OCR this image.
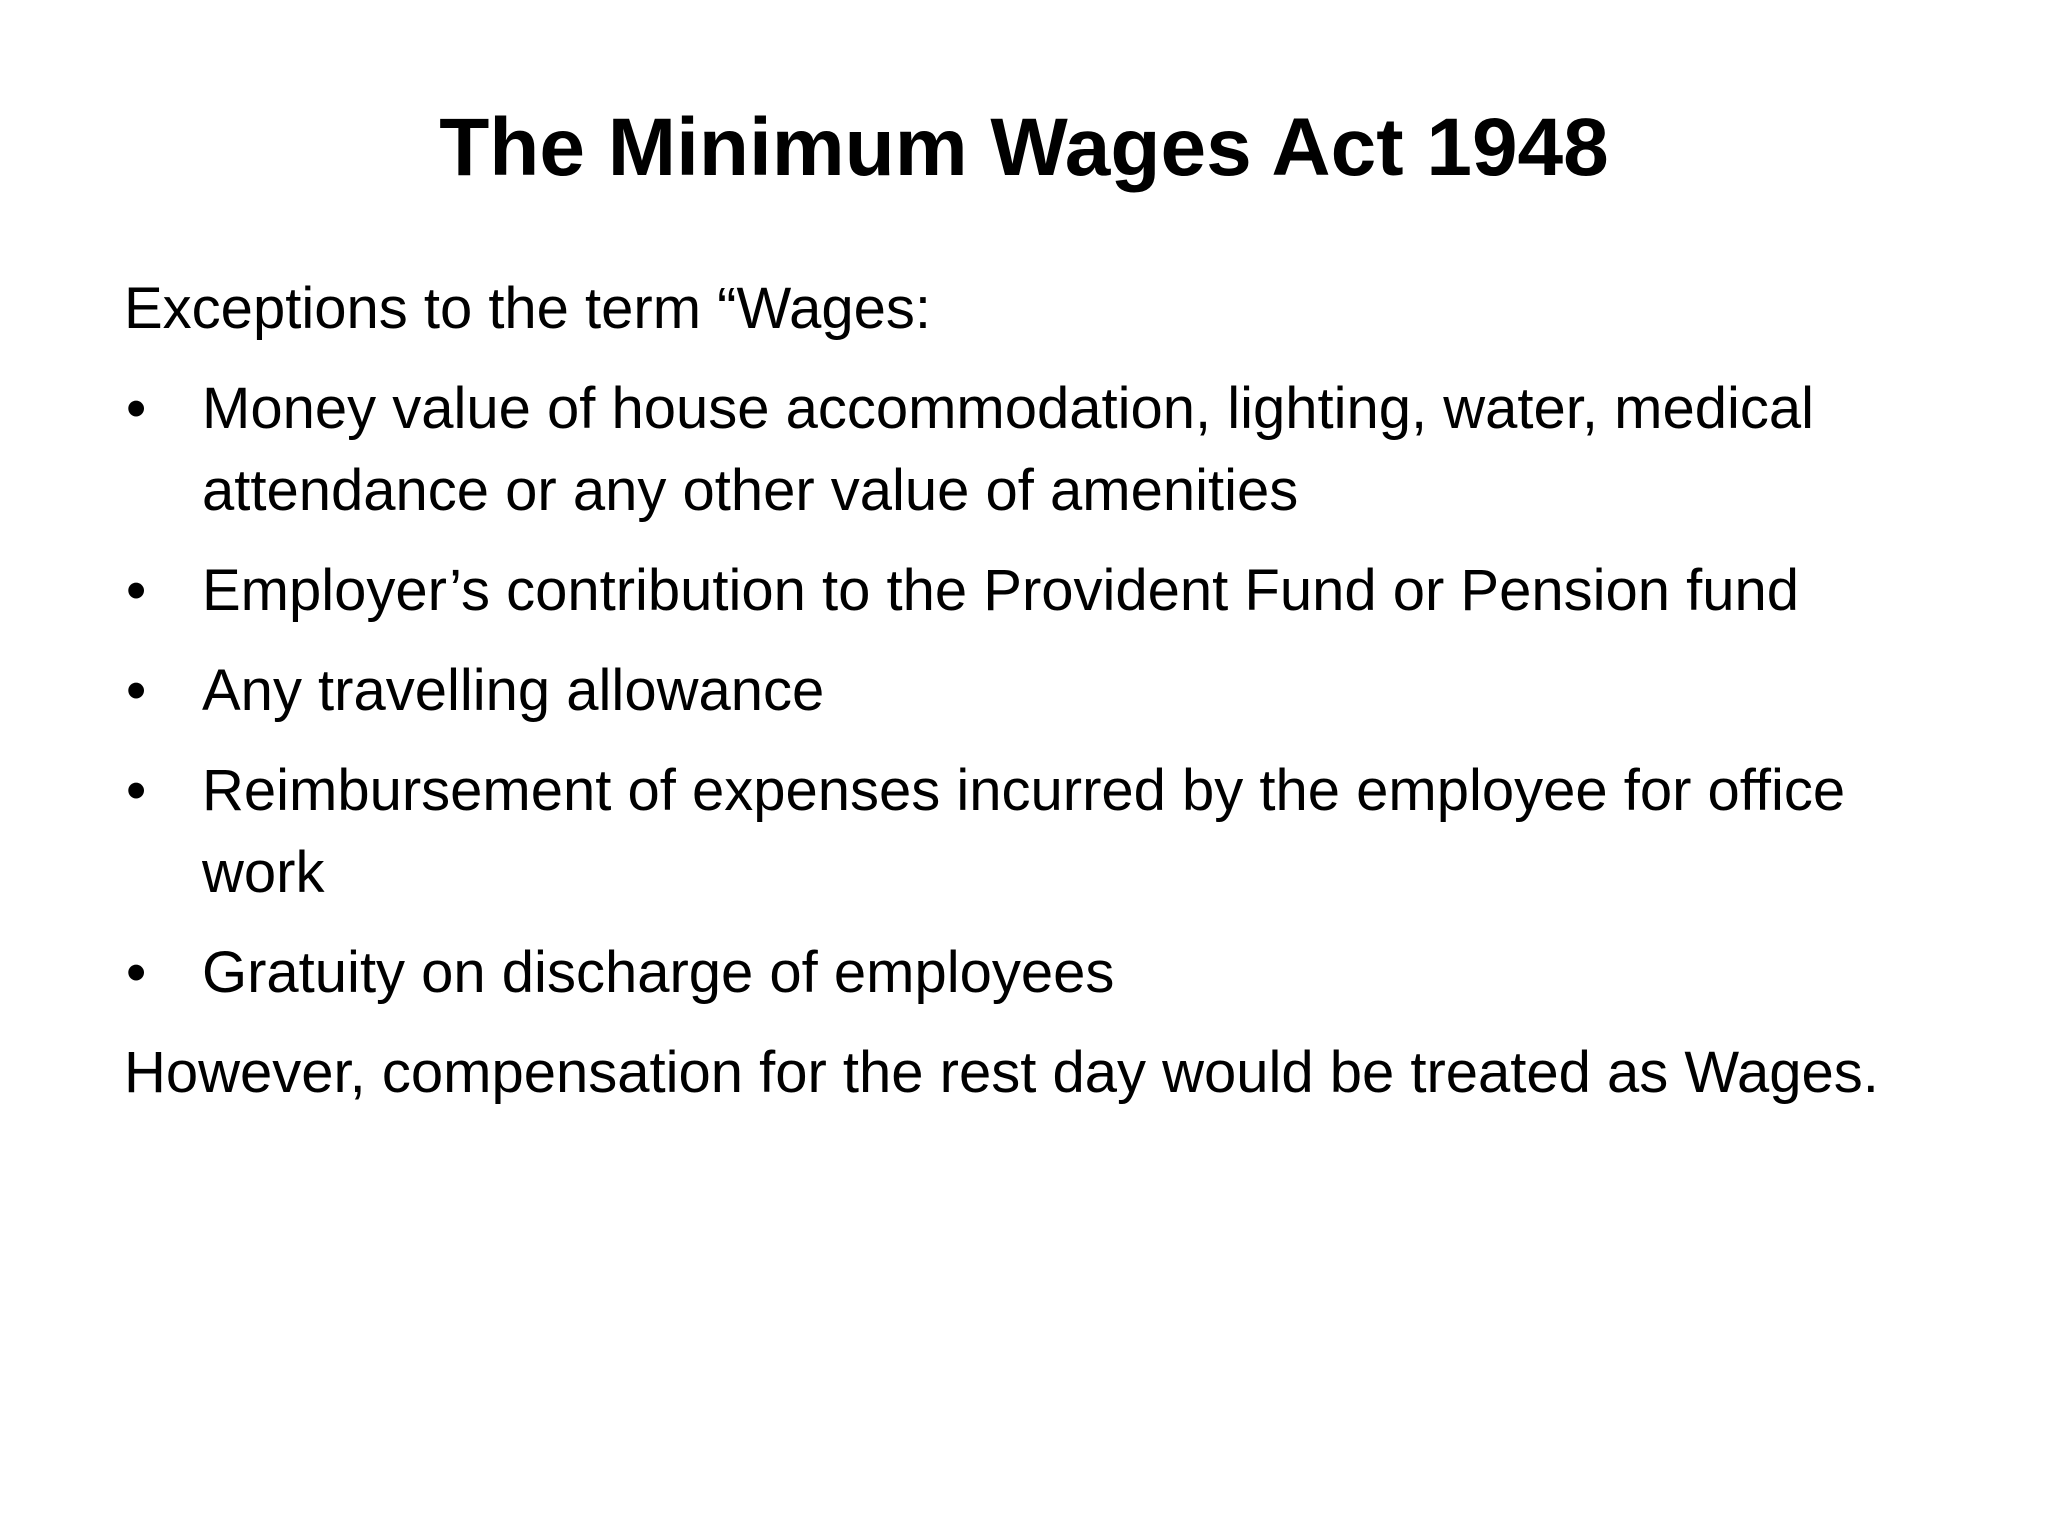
The Minimum Wages Act 1948

Exceptions to the term “Wages:

• Money value of house accommodation, lighting, water, medical attendance or any other value of amenities
• Employer’s contribution to the Provident Fund or Pension fund
• Any travelling allowance
• Reimbursement of expenses incurred by the employee for office work
• Gratuity on discharge of employees

However, compensation for the rest day would be treated as Wages.
